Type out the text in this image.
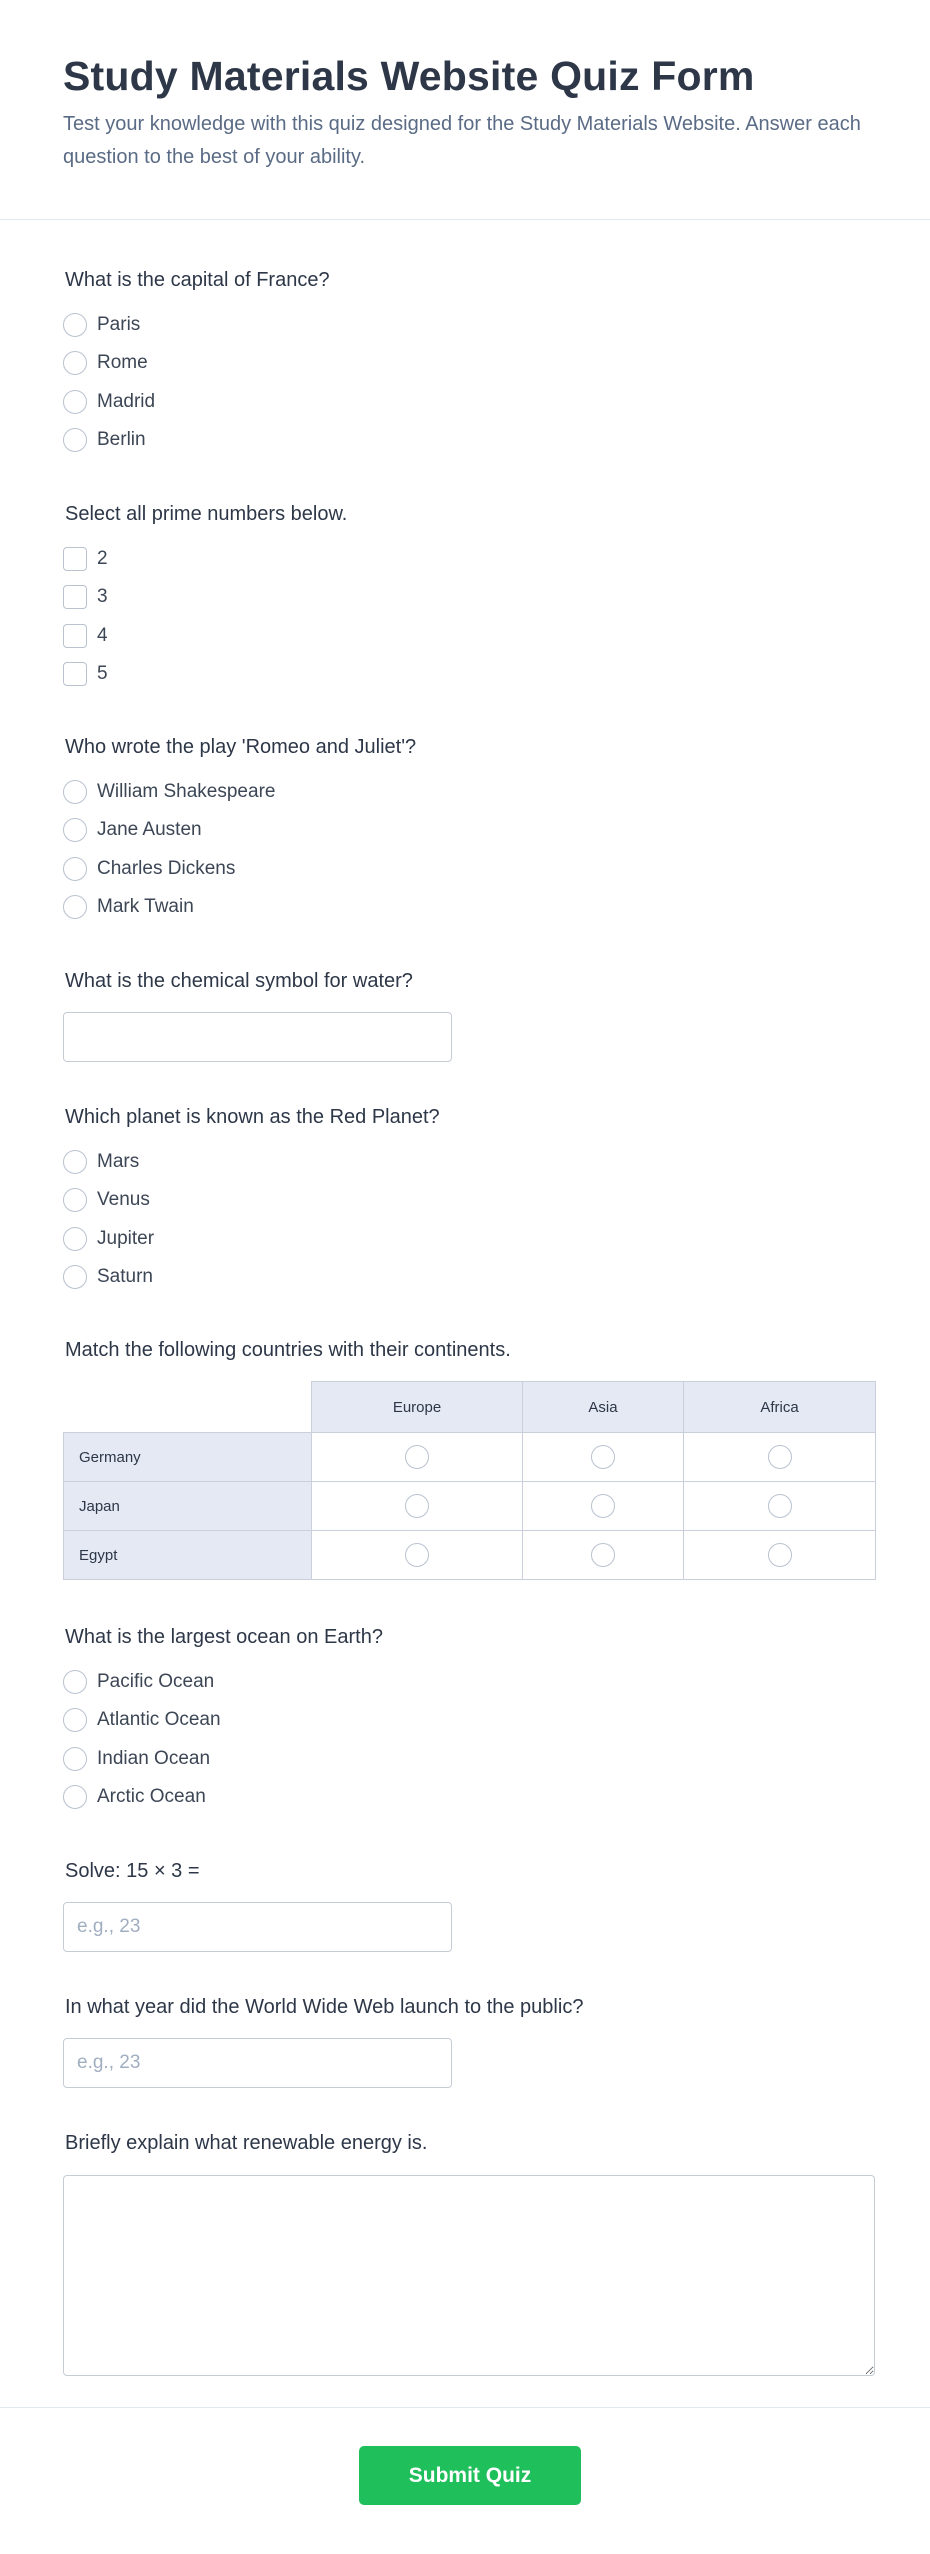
Study Materials Website Quiz Form

Test your knowledge with this quiz designed for the Study Materials Website. Answer each question to the best of your ability.

What is the capital of France?
Paris
Rome
Madrid
Berlin
Select all prime numbers below.
2
3
4
5
Who wrote the play 'Romeo and Juliet'?
William Shakespeare
Jane Austen
Charles Dickens
Mark Twain
What is the chemical symbol for water?
Which planet is known as the Red Planet?
Mars
Venus
Jupiter
Saturn
Match the following countries with their continents.
	Europe	Asia	Africa
Germany			
Japan			
Egypt			
What is the largest ocean on Earth?
Pacific Ocean
Atlantic Ocean
Indian Ocean
Arctic Ocean
Solve: 15 × 3 =
e.g., 23
In what year did the World Wide Web launch to the public?
e.g., 23
Briefly explain what renewable energy is.
Submit Quiz
